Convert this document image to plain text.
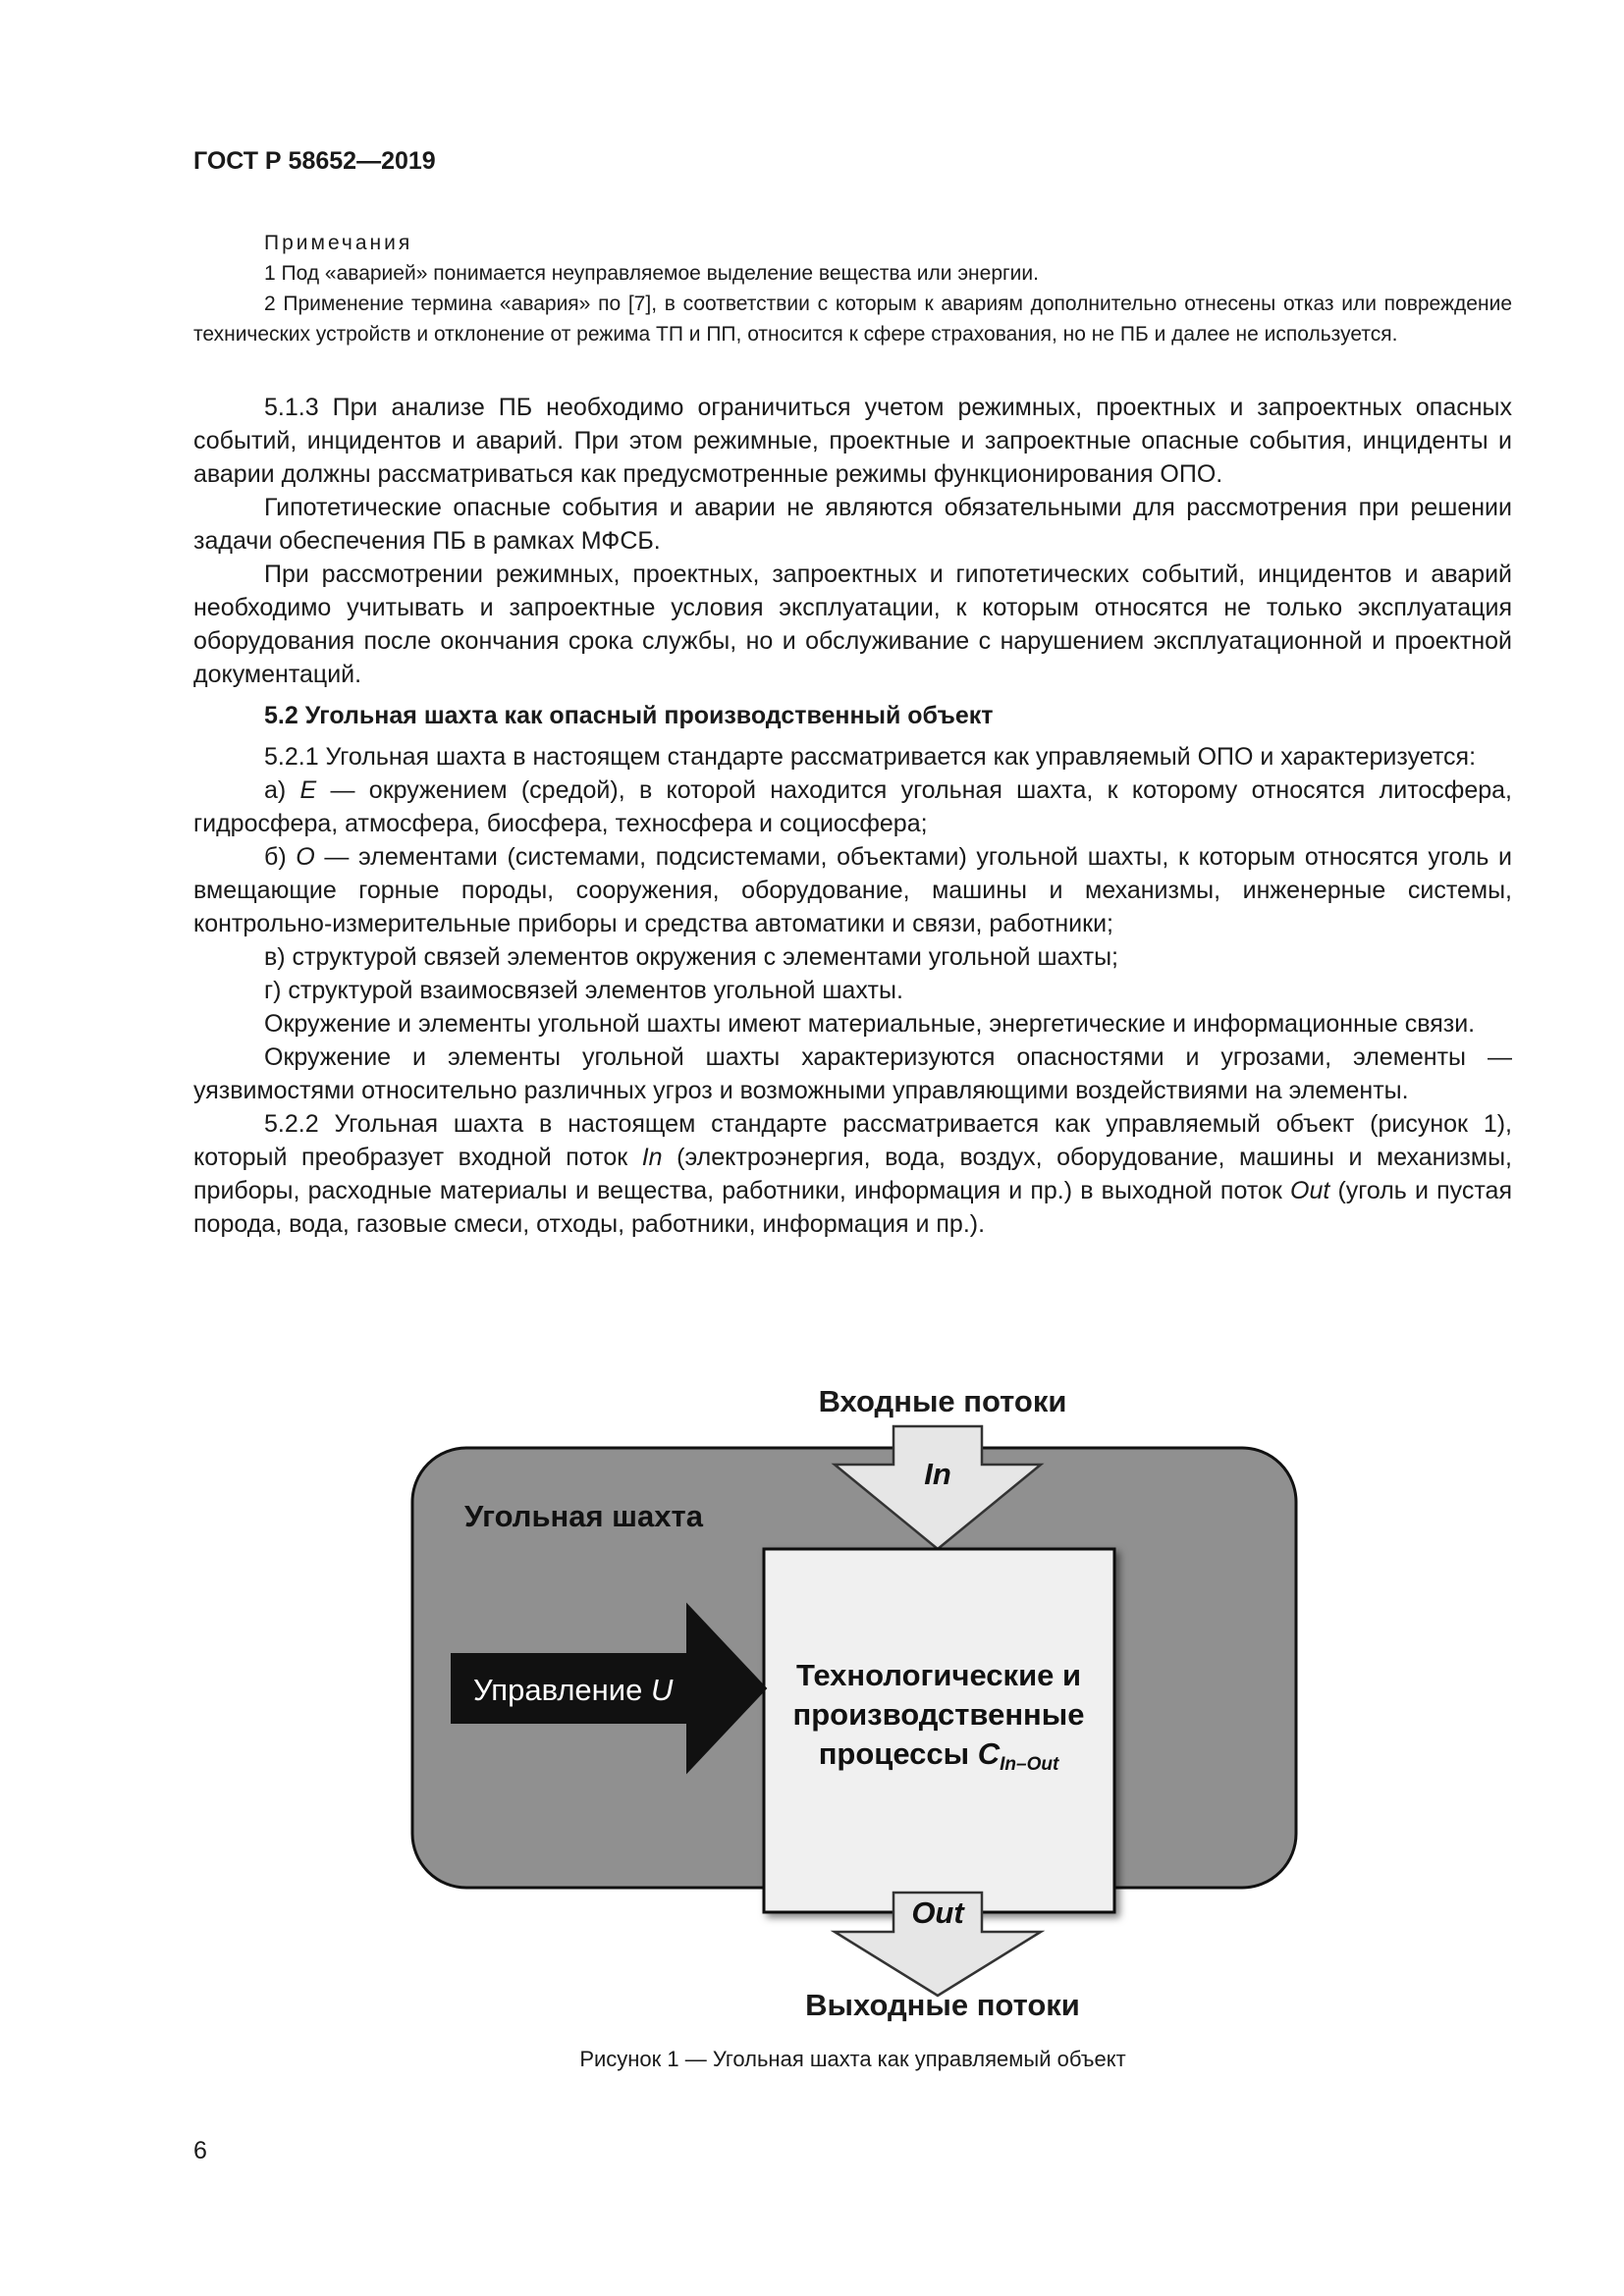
ГОСТ Р 58652—2019

Примечания

1 Под «аварией» понимается неуправляемое выделение вещества или энергии.

2 Применение термина «авария» по [7], в соответствии с которым к авариям дополнительно отнесены отказ или повреждение технических устройств и отклонение от режима ТП и ПП, относится к сфере страхования, но не ПБ и далее не используется.

5.1.3 При анализе ПБ необходимо ограничиться учетом режимных, проектных и запроектных опасных событий, инцидентов и аварий. При этом режимные, проектные и запроектные опасные события, инциденты и аварии должны рассматриваться как предусмотренные режимы функционирования ОПО.

Гипотетические опасные события и аварии не являются обязательными для рассмотрения при решении задачи обеспечения ПБ в рамках МФСБ.

При рассмотрении режимных, проектных, запроектных и гипотетических событий, инцидентов и аварий необходимо учитывать и запроектные условия эксплуатации, к которым относятся не только эксплуатация оборудования после окончания срока службы, но и обслуживание с нарушением эксплуатационной и проектной документаций.

5.2 Угольная шахта как опасный производственный объект

5.2.1 Угольная шахта в настоящем стандарте рассматривается как управляемый ОПО и характеризуется:

а) Е — окружением (средой), в которой находится угольная шахта, к которому относятся литосфера, гидросфера, атмосфера, биосфера, техносфера и социосфера;

б) О — элементами (системами, подсистемами, объектами) угольной шахты, к которым относятся уголь и вмещающие горные породы, сооружения, оборудование, машины и механизмы, инженерные системы, контрольно-измерительные приборы и средства автоматики и связи, работники;

в) структурой связей элементов окружения с элементами угольной шахты;

г) структурой взаимосвязей элементов угольной шахты.

Окружение и элементы угольной шахты имеют материальные, энергетические и информационные связи.

Окружение и элементы угольной шахты характеризуются опасностями и угрозами, элементы — уязвимостями относительно различных угроз и возможными управляющими воздействиями на элементы.

5.2.2 Угольная шахта в настоящем стандарте рассматривается как управляемый объект (рисунок 1), который преобразует входной поток In (электроэнергия, вода, воздух, оборудование, машины и механизмы, приборы, расходные материалы и вещества, работники, информация и пр.) в выходной поток Out (уголь и пустая порода, вода, газовые смеси, отходы, работники, информация и пр.).

Входные потоки
Угольная шахта
In
Технологические и
производственные
процессы CIn–Out
Управление U
Out
Выходные потоки
Рисунок 1 — Угольная шахта как управляемый объект
6
